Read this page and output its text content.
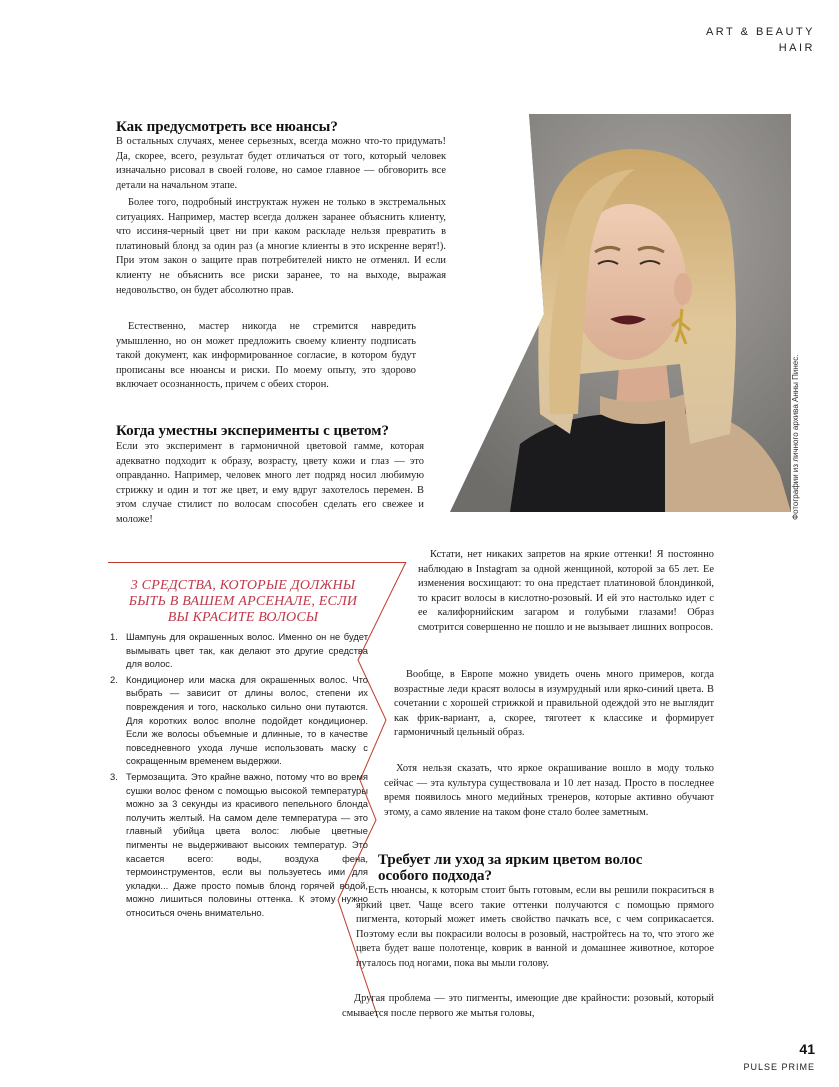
ART & BEAUTY
HAIR
Фотографии из личного архива Анны Пинес.
Как предусмотреть все нюансы?

В остальных случаях, менее серьезных, всегда можно что-то придумать! Да, скорее, всего, результат будет отличаться от того, который человек изначально рисовал в своей голове, но самое главное — обговорить все детали на начальном этапе.

Более того, подробный инструктаж нужен не только в экстремальных ситуациях. Например, мастер всегда должен заранее объяснить клиенту, что иссиня-черный цвет ни при каком раскладе нельзя превратить в платиновый блонд за один раз (а многие клиенты в это искренне верят!). При этом закон о защите прав потребителей никто не отменял. И если клиенту не объяснить все риски заранее, то на выходе, выражая недовольство, он будет абсолютно прав.

Естественно, мастер никогда не стремится навредить умышленно, но он может предложить своему клиенту подписать такой документ, как информированное согласие, в котором будут прописаны все нюансы и риски. По моему опыту, это здорово включает осознанность, причем с обеих сторон.

Когда уместны эксперименты с цветом?

Если это эксперимент в гармоничной цветовой гамме, которая адекватно подходит к образу, возрасту, цвету кожи и глаз — это оправданно. Например, человек много лет подряд носил любимую стрижку и один и тот же цвет, и ему вдруг захотелось перемен. В этом случае стилист по волосам способен сделать его свежее и моложе!

3 СРЕДСТВА, КОТОРЫЕ ДОЛЖНЫ БЫТЬ В ВАШЕМ АРСЕНАЛЕ, ЕСЛИ ВЫ КРАСИТЕ ВОЛОСЫ
1. Шампунь для окрашенных волос. Именно он не будет вымывать цвет так, как делают это другие средства для волос.
2. Кондиционер или маска для окрашенных волос. Что выбрать — зависит от длины волос, степени их повреждения и того, насколько сильно они путаются. Для коротких волос вполне подойдет кондиционер. Если же волосы объемные и длинные, то в качестве повседневного ухода лучше использовать маску с сокращенным временем выдержки.
3. Термозащита. Это крайне важно, потому что во время сушки волос феном с помощью высокой температуры можно за 3 секунды из красивого пепельного блонда получить желтый. На самом деле температура — это главный убийца цвета волос: любые цветные пигменты не выдерживают высоких температур. Это касается всего: воды, воздуха фена, термоинструментов, если вы пользуетесь ими для укладки... Даже просто помыв блонд горячей водой, можно лишиться половины оттенка. К этому нужно относиться очень внимательно.

Кстати, нет никаких запретов на яркие оттенки! Я постоянно наблюдаю в Instagram за одной женщиной, которой за 65 лет. Ее изменения восхищают: то она предстает платиновой блондинкой, то красит волосы в кислотно-розовый. И ей это настолько идет с ее калифорнийским загаром и голубыми глазами! Образ смотрится совершенно не пошло и не вызывает лишних вопросов.

Вообще, в Европе можно увидеть очень много примеров, когда возрастные леди красят волосы в изумрудный или ярко-синий цвета. В сочетании с хорошей стрижкой и правильной одеждой это не выглядит как фрик-вариант, а, скорее, тяготеет к классике и формирует гармоничный цельный образ.

Хотя нельзя сказать, что яркое окрашивание вошло в моду только сейчас — эта культура существовала и 10 лет назад. Просто в последнее время появилось много медийных тренеров, которые активно обучают этому, а само явление на таком фоне стало более заметным.

Требует ли уход за ярким цветом волос особого подхода?

Есть нюансы, к которым стоит быть готовым, если вы решили покраситься в яркий цвет. Чаще всего такие оттенки получаются с помощью прямого пигмента, который может иметь свойство пачкать все, с чем соприкасается. Поэтому если вы покрасили волосы в розовый, настройтесь на то, что этого же цвета будет ваше полотенце, коврик в ванной и домашнее животное, которое путалось под ногами, пока вы мыли голову.

Другая проблема — это пигменты, имеющие две крайности: розовый, который смывается после первого же мытья головы,

41
PULSE PRIME
